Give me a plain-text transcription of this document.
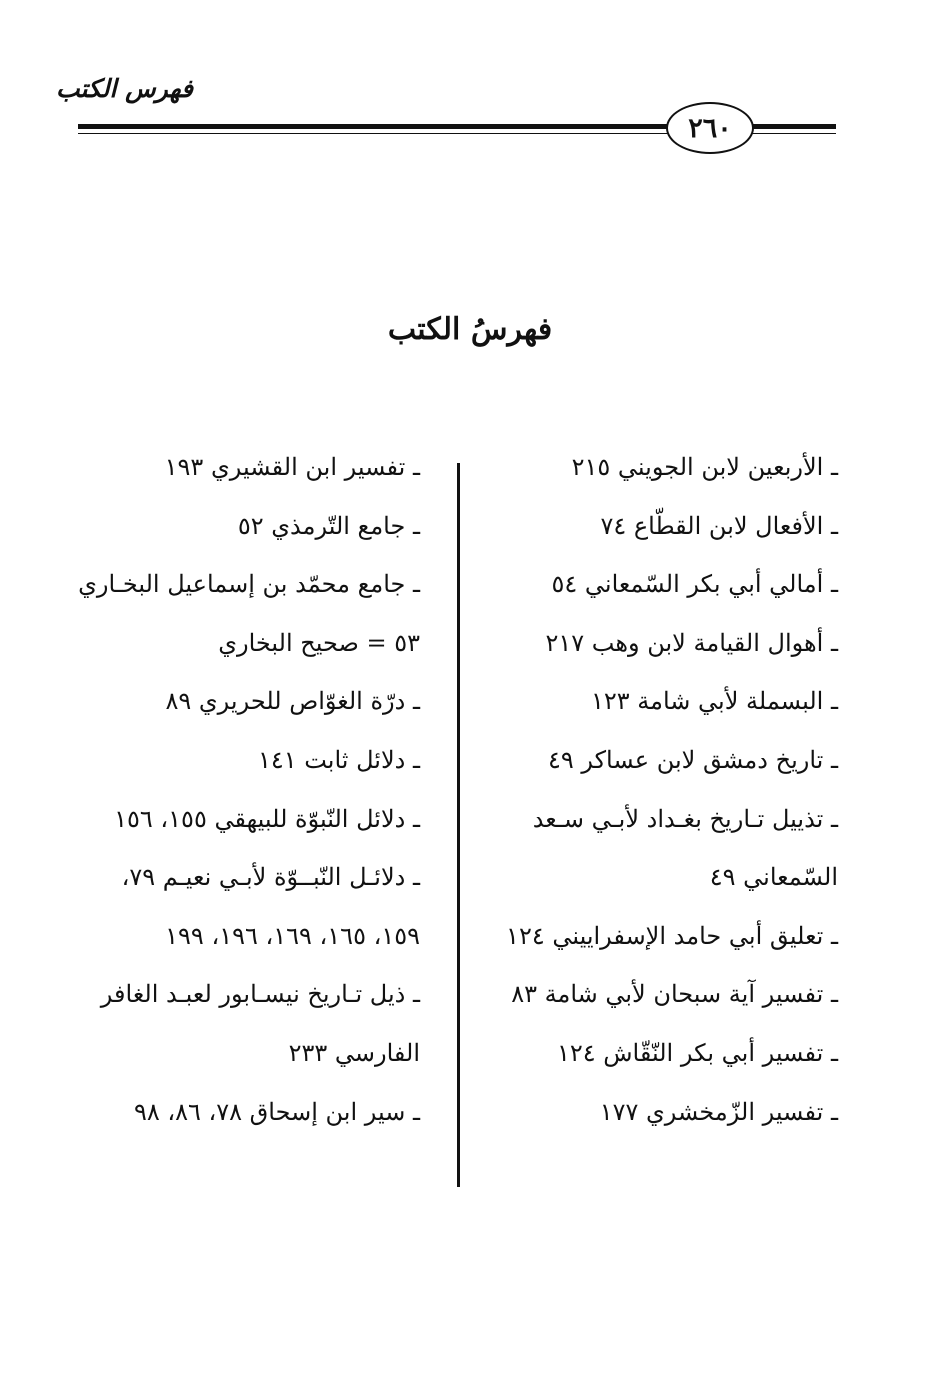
فهرس الكتب
٢٦٠
فهرسُ الكتب
ـ الأربعين لابن الجويني ٢١٥
ـ الأفعال لابن القطّاع ٧٤
ـ أمالي أبي بكر السّمعاني ٥٤
ـ أهوال القيامة لابن وهب ٢١٧
ـ البسملة لأبي شامة ١٢٣
ـ تاريخ دمشق لابن عساكر ٤٩
ـ تذييل تـاريخ بغـداد لأبـي سـعد
السّمعاني ٤٩
ـ تعليق أبي حامد الإسفراييني ١٢٤
ـ تفسير آية سبحان لأبي شامة ٨٣
ـ تفسير أبي بكر النّقّاش ١٢٤
ـ تفسير الزّمخشري ١٧٧
ـ تفسير ابن القشيري ١٩٣
ـ جامع التّرمذي ٥٢
ـ جامع محمّد بن إسماعيل البخـاري
٥٣ = صحيح البخاري
ـ درّة الغوّاص للحريري ٨٩
ـ دلائل ثابت ١٤١
ـ دلائل النّبوّة للبيهقي ١٥٥، ١٥٦
ـ دلائـل النّبــوّة لأبـي نعيـم ٧٩،
١٥٩، ١٦٥، ١٦٩، ١٩٦، ١٩٩
ـ ذيل تـاريخ نيسـابور لعبـد الغافر
الفارسي ٢٣٣
ـ سير ابن إسحاق ٧٨، ٨٦، ٩٨
